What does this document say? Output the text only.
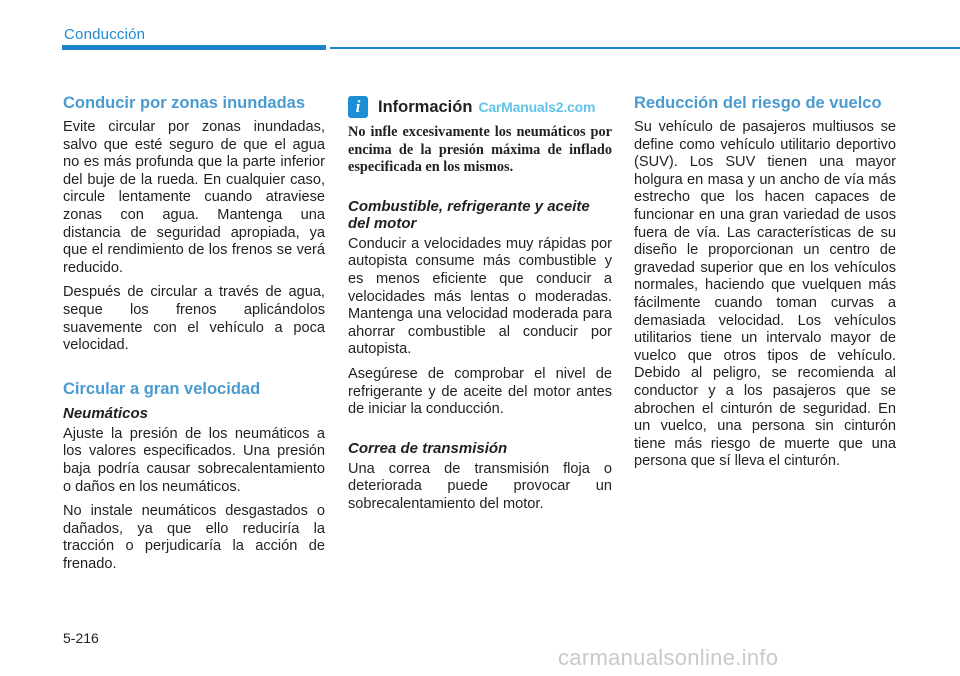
Conducción
Conducir por zonas inundadas

Evite circular por zonas inundadas, salvo que esté seguro de que el agua no es más profunda que la parte inferior del buje de la rueda. En cualquier caso, circule lentamente cuando atraviese zonas con agua. Mantenga una distancia de seguridad apropiada, ya que el rendimiento de los frenos se verá reducido.

Después de circular a través de agua, seque los frenos aplicándolos suavemente con el vehículo a poca velocidad.

Circular a gran velocidad
Neumáticos

Ajuste la presión de los neumáticos a los valores especificados. Una presión baja podría causar sobrecalentamiento o daños en los neumáticos.

No instale neumáticos desgastados o dañados, ya que ello reduciría la tracción o perjudicaría la acción de frenado.

i	Información CarManuals2.com

No infle excesivamente los neumáticos por encima de la presión máxima de inflado especificada en los mismos.

Combustible, refrigerante y aceite del motor

Conducir a velocidades muy rápidas por autopista consume más combustible y es menos eficiente que conducir a velocidades más lentas o moderadas. Mantenga una velocidad moderada para ahorrar combustible al conducir por autopista.

Asegúrese de comprobar el nivel de refrigerante y de aceite del motor antes de iniciar la conducción.

Correa de transmisión

Una correa de transmisión floja o deteriorada puede provocar un sobrecalentamiento del motor.

Reducción del riesgo de vuelco

Su vehículo de pasajeros multiusos se define como vehículo utilitario deportivo (SUV). Los SUV tienen una mayor holgura en masa y un ancho de vía más estrecho que los hacen capaces de funcionar en una gran variedad de usos fuera de vía. Las características de su diseño le proporcionan un centro de gravedad superior que en los vehículos normales, haciendo que vuelquen más fácilmente cuando toman curvas a demasiada velocidad. Los vehículos utilitarios tiene un intervalo mayor de vuelco que otros tipos de vehículo. Debido al peligro, se recomienda al conductor y a los pasajeros que se abrochen el cinturón de seguridad. En un vuelco, una persona sin cinturón tiene más riesgo de muerte que una persona que sí lleva el cinturón.

5-216
carmanualsonline.info
